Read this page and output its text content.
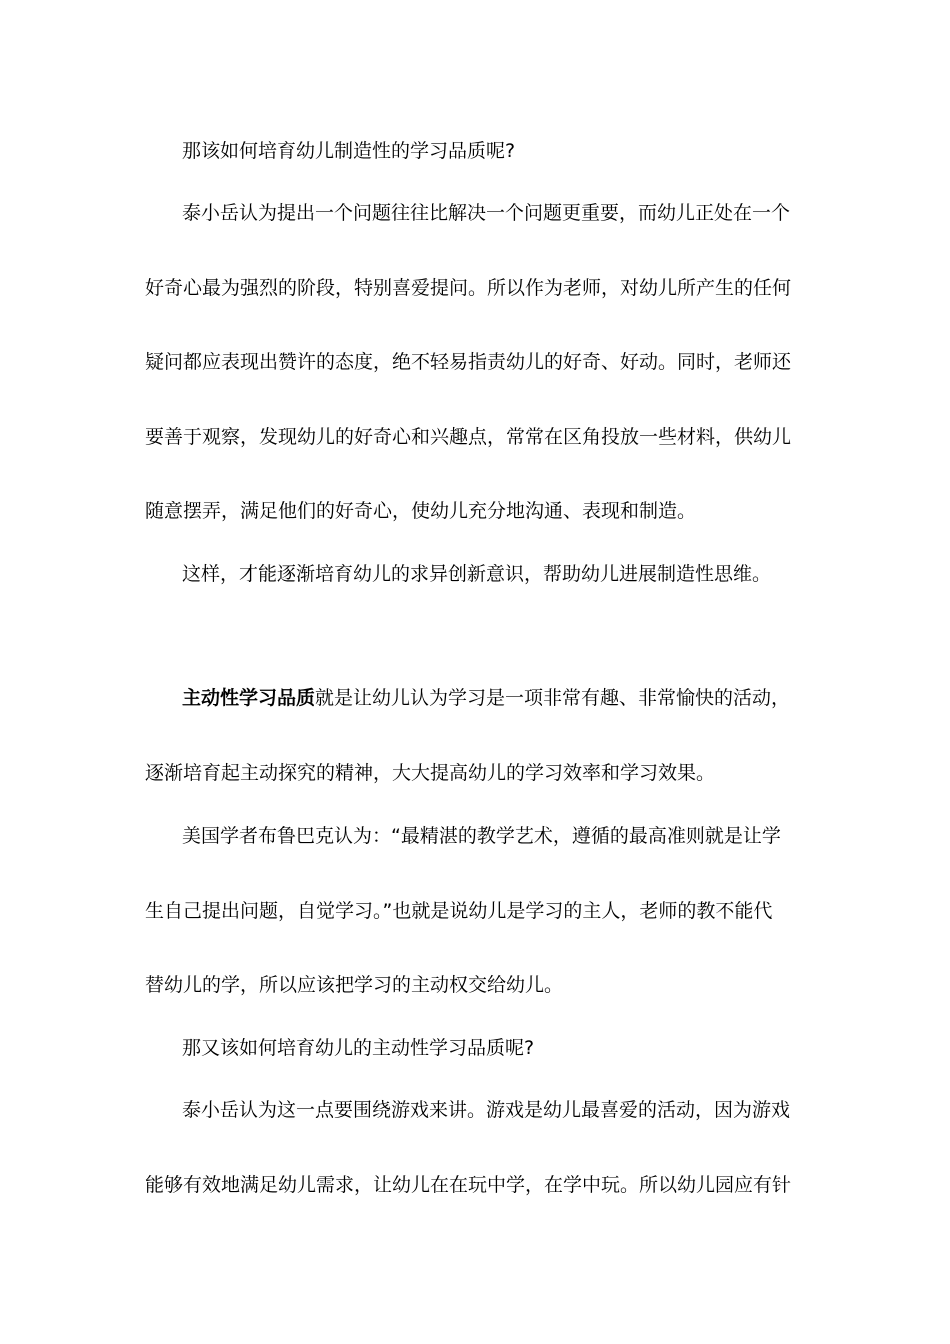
那该如何培育幼儿制造性的学习品质呢?
泰小岳认为提出一个问题往往比解决一个问题更重要，而幼儿正处在一个
好奇心最为强烈的阶段，特别喜爱提问。所以作为老师，对幼儿所产生的任何
疑问都应表现出赞许的态度，绝不轻易指责幼儿的好奇、好动。同时，老师还
要善于观察，发现幼儿的好奇心和兴趣点，常常在区角投放一些材料，供幼儿
随意摆弄，满足他们的好奇心，使幼儿充分地沟通、表现和制造。
这样，才能逐渐培育幼儿的求异创新意识，帮助幼儿进展制造性思维。
主动性学习品质就是让幼儿认为学习是一项非常有趣、非常愉快的活动，
逐渐培育起主动探究的精神，大大提高幼儿的学习效率和学习效果。
美国学者布鲁巴克认为：“最精湛的教学艺术，遵循的最高准则就是让学
生自己提出问题，自觉学习。”也就是说幼儿是学习的主人，老师的教不能代
替幼儿的学，所以应该把学习的主动权交给幼儿。
那又该如何培育幼儿的主动性学习品质呢?
泰小岳认为这一点要围绕游戏来讲。游戏是幼儿最喜爱的活动，因为游戏
能够有效地满足幼儿需求，让幼儿在在玩中学，在学中玩。所以幼儿园应有针
